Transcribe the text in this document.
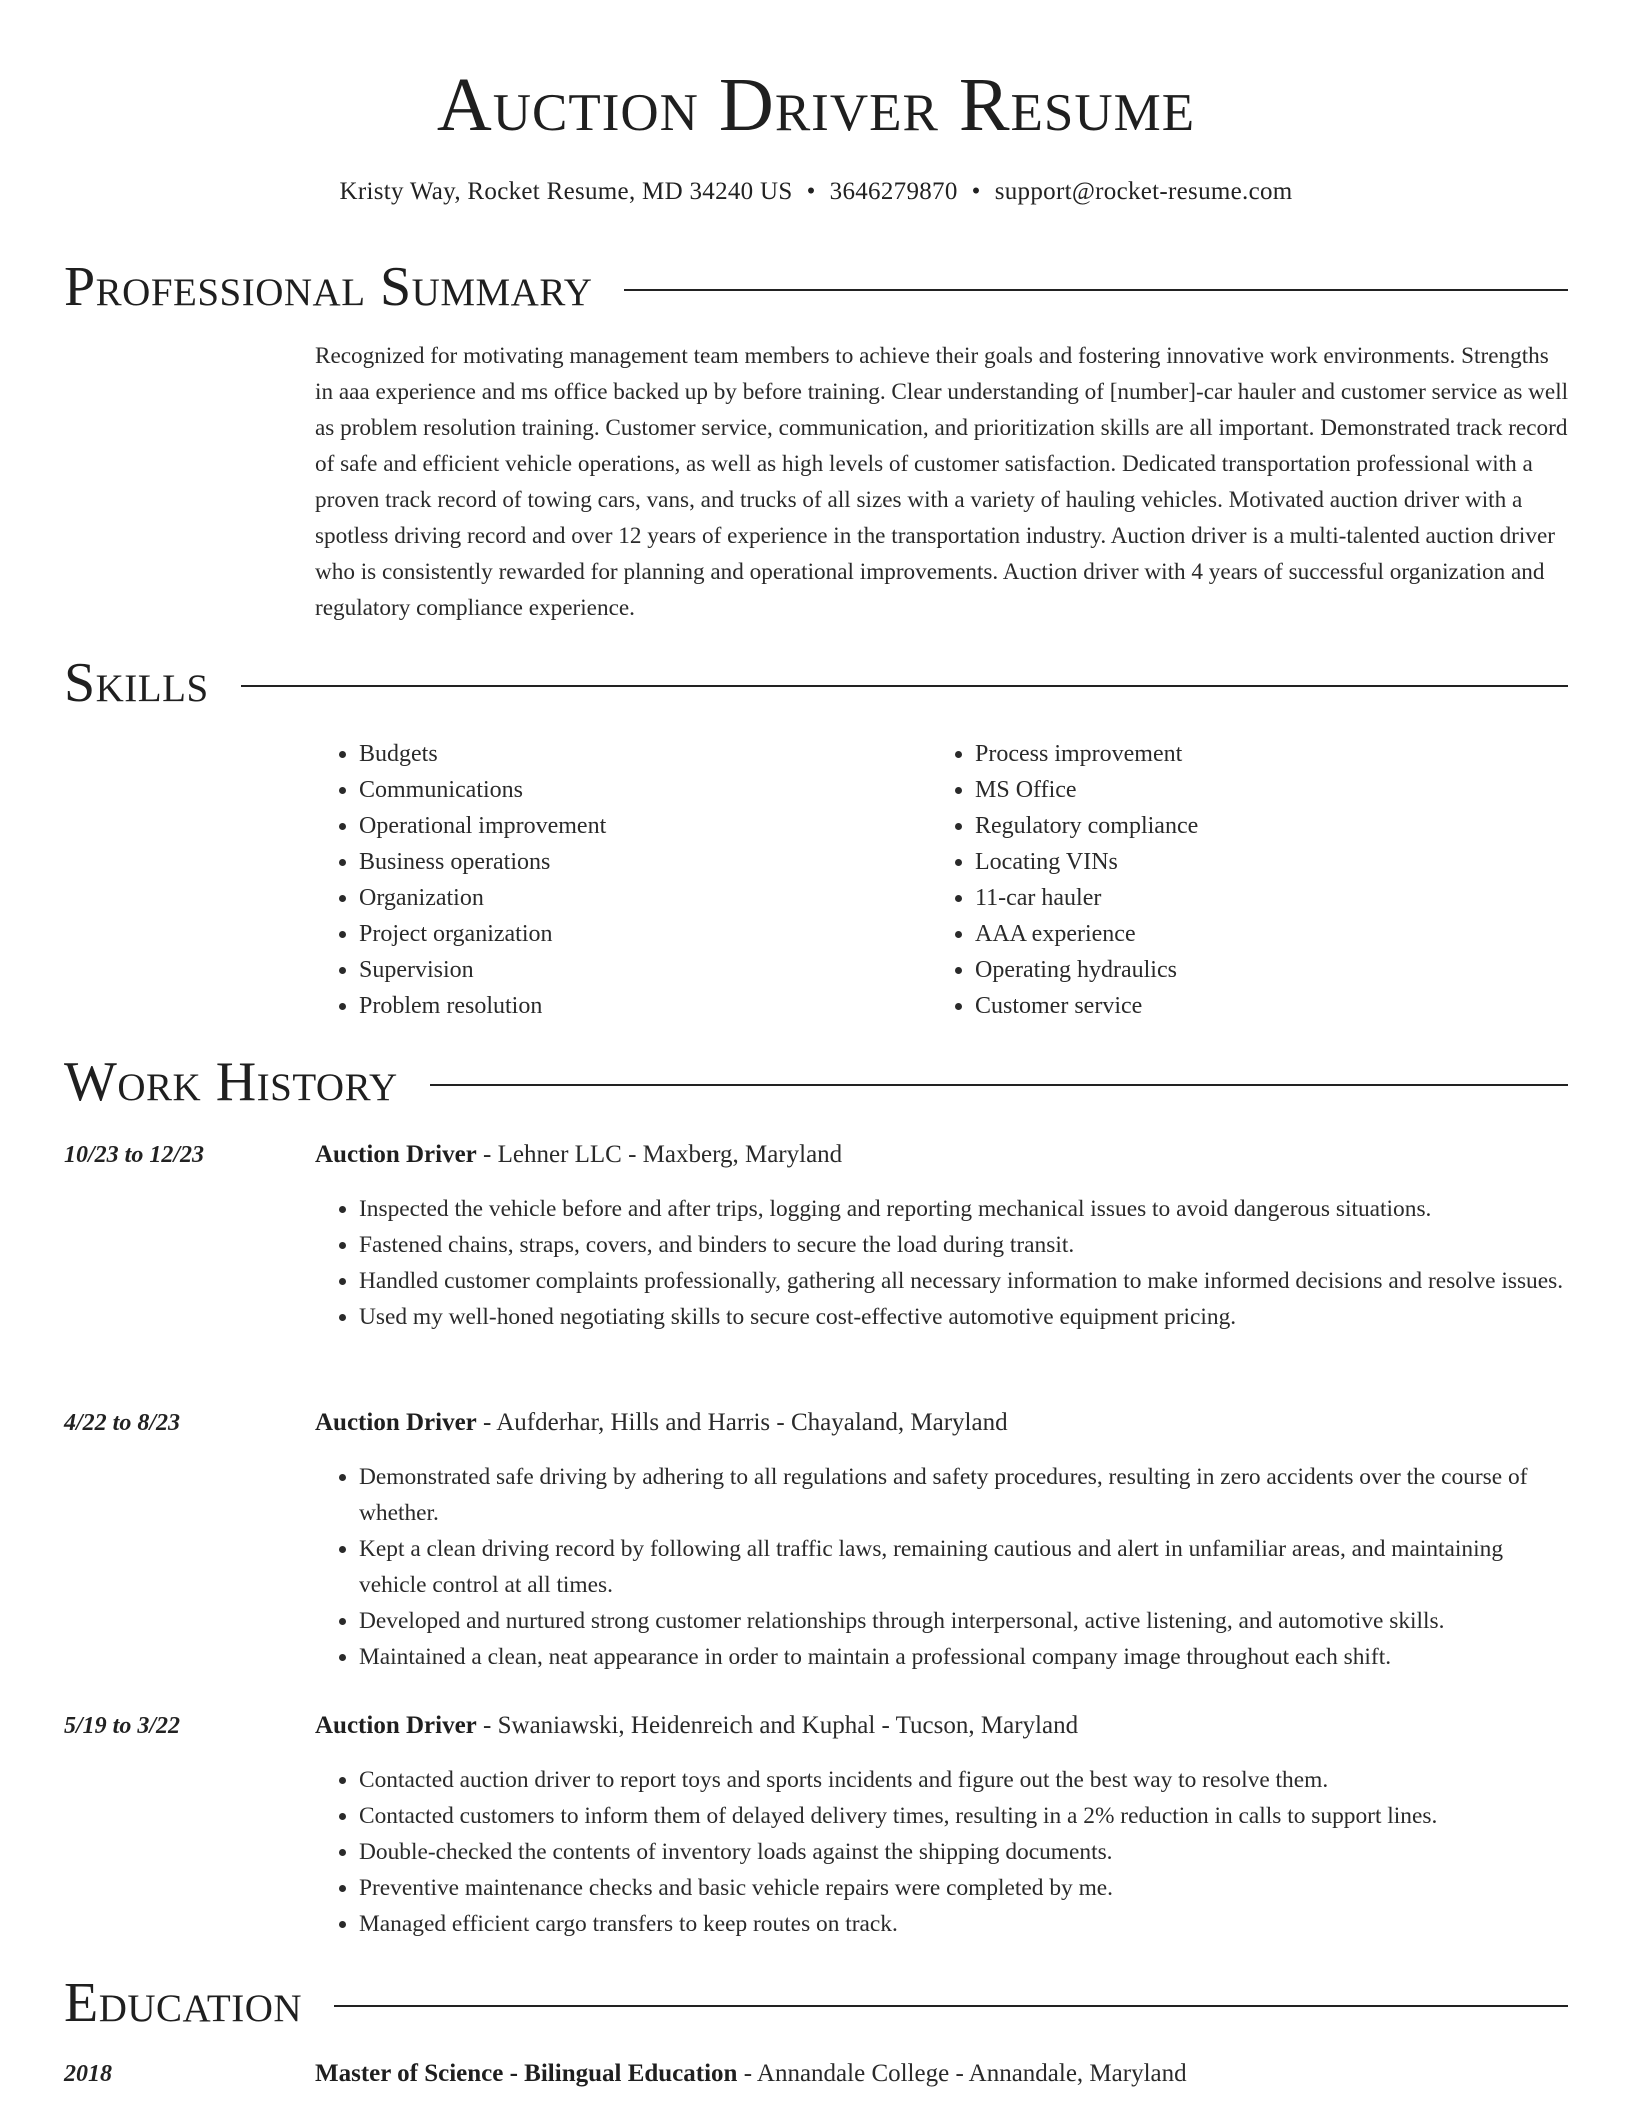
Auction Driver Resume
Kristy Way, Rocket Resume, MD 34240 US • 3646279870 • support@rocket-resume.com
Professional Summary

Recognized for motivating management team members to achieve their goals and fostering innovative work environments. Strengths in aaa experience and ms office backed up by before training. Clear understanding of [number]-car hauler and customer service as well as problem resolution training. Customer service, communication, and prioritization skills are all important. Demonstrated track record of safe and efficient vehicle operations, as well as high levels of customer satisfaction. Dedicated transportation professional with a proven track record of towing cars, vans, and trucks of all sizes with a variety of hauling vehicles. Motivated auction driver with a spotless driving record and over 12 years of experience in the transportation industry. Auction driver is a multi-talented auction driver who is consistently rewarded for planning and operational improvements. Auction driver with 4 years of successful organization and regulatory compliance experience.

Skills
• Budgets
• Communications
• Operational improvement
• Business operations
• Organization
• Project organization
• Supervision
• Problem resolution
• Process improvement
• MS Office
• Regulatory compliance
• Locating VINs
• 11-car hauler
• AAA experience
• Operating hydraulics
• Customer service
Work History
10/23 to 12/23	Auction Driver - Lehner LLC - Maxberg, Maryland
• Inspected the vehicle before and after trips, logging and reporting mechanical issues to avoid dangerous situations.
• Fastened chains, straps, covers, and binders to secure the load during transit.
• Handled customer complaints professionally, gathering all necessary information to make informed decisions and resolve issues.
• Used my well-honed negotiating skills to secure cost-effective automotive equipment pricing.
4/22 to 8/23	Auction Driver - Aufderhar, Hills and Harris - Chayaland, Maryland
• Demonstrated safe driving by adhering to all regulations and safety procedures, resulting in zero accidents over the course of whether.
• Kept a clean driving record by following all traffic laws, remaining cautious and alert in unfamiliar areas, and maintaining vehicle control at all times.
• Developed and nurtured strong customer relationships through interpersonal, active listening, and automotive skills.
• Maintained a clean, neat appearance in order to maintain a professional company image throughout each shift.
5/19 to 3/22	Auction Driver - Swaniawski, Heidenreich and Kuphal - Tucson, Maryland
• Contacted auction driver to report toys and sports incidents and figure out the best way to resolve them.
• Contacted customers to inform them of delayed delivery times, resulting in a 2% reduction in calls to support lines.
• Double-checked the contents of inventory loads against the shipping documents.
• Preventive maintenance checks and basic vehicle repairs were completed by me.
• Managed efficient cargo transfers to keep routes on track.
Education
2018	Master of Science - Bilingual Education - Annandale College - Annandale, Maryland
